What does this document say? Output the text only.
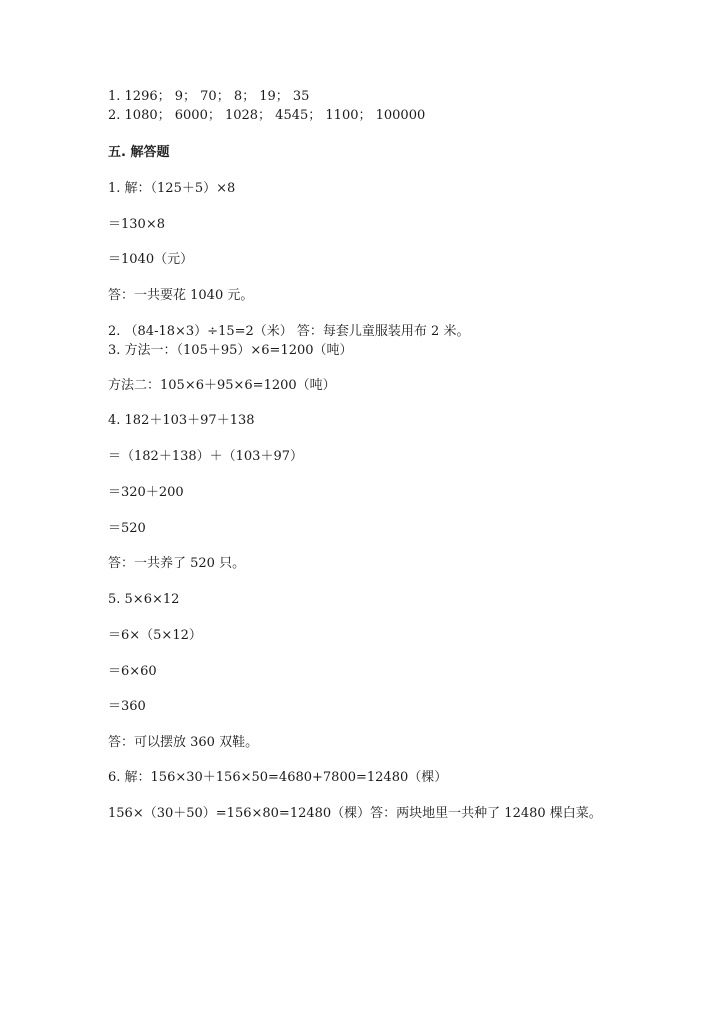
1. 1296； 9； 70； 8； 19； 35
2. 1080； 6000； 1028； 4545； 1100； 100000
五. 解答题
1. 解：（125＋5）×8
＝130×8
＝1040（元）
答：一共要花 1040 元。
2. （84-18×3）÷15=2（米） 答：每套儿童服装用布 2 米。
3. 方法一：（105＋95）×6=1200（吨）
方法二：105×6＋95×6=1200（吨）
4. 182＋103＋97＋138
＝（182＋138）＋（103＋97）
＝320＋200
＝520
答：一共养了 520 只。
5. 5×6×12
＝6×（5×12）
＝6×60
＝360
答：可以摆放 360 双鞋。
6. 解：156×30＋156×50=4680+7800=12480（棵）
156×（30＋50）=156×80=12480（棵）答：两块地里一共种了 12480 棵白菜。
